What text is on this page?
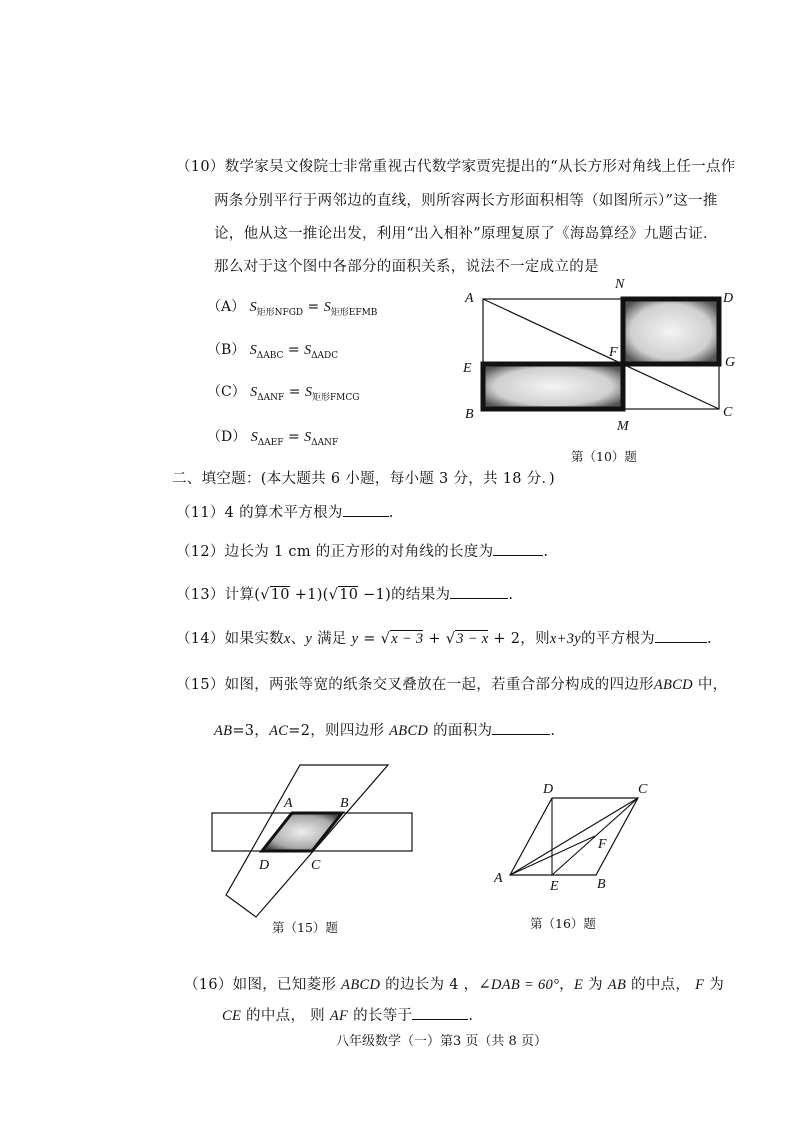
（10）数学家吴文俊院士非常重视古代数学家贾宪提出的“从长方形对角线上任一点作
两条分别平行于两邻边的直线，则所容两长方形面积相等（如图所示）”这一推
论，他从这一推论出发，利用“出入相补”原理复原了《海岛算经》九题古证．
那么对于这个图中各部分的面积关系，说法不一定成立的是
（A） $S_{矩形NFGD} = S_{矩形EFMB}$
（B） $S_{\Delta ABC} = S_{\Delta ADC}$
（C） $S_{\Delta ANF} = S_{矩形FMCG}$
（D） $S_{\Delta AEF} = S_{\Delta ANF}$
A
N
D
E
F
G
B
M
C
第（10）题
二、填空题：(本大题共 6 小题，每小题 3 分，共 18 分．)
（11）4 的算术平方根为	.
（12）边长为 1 cm 的正方形的对角线的长度为	.
（13）计算(√10 +1)(√10 −1)的结果为	.
（14）如果实数x、y 满足 y = √x − 3 + √3 − x + 2，则x+3y的平方根为	.
（15）如图，两张等宽的纸条交叉叠放在一起，若重合部分构成的四边形ABCD 中，
AB=3，AC=2，则四边形 ABCD 的面积为	.
A	B
D	C
第（15）题
D	C
F
A
E	B
第（16）题
（16）如图，已知菱形 ABCD 的边长为 4 ，∠DAB = 60°，E 为 AB 的中点， F 为
CE 的中点， 则 AF 的长等于	.
八年级数学（一）第3 页（共 8 页）
